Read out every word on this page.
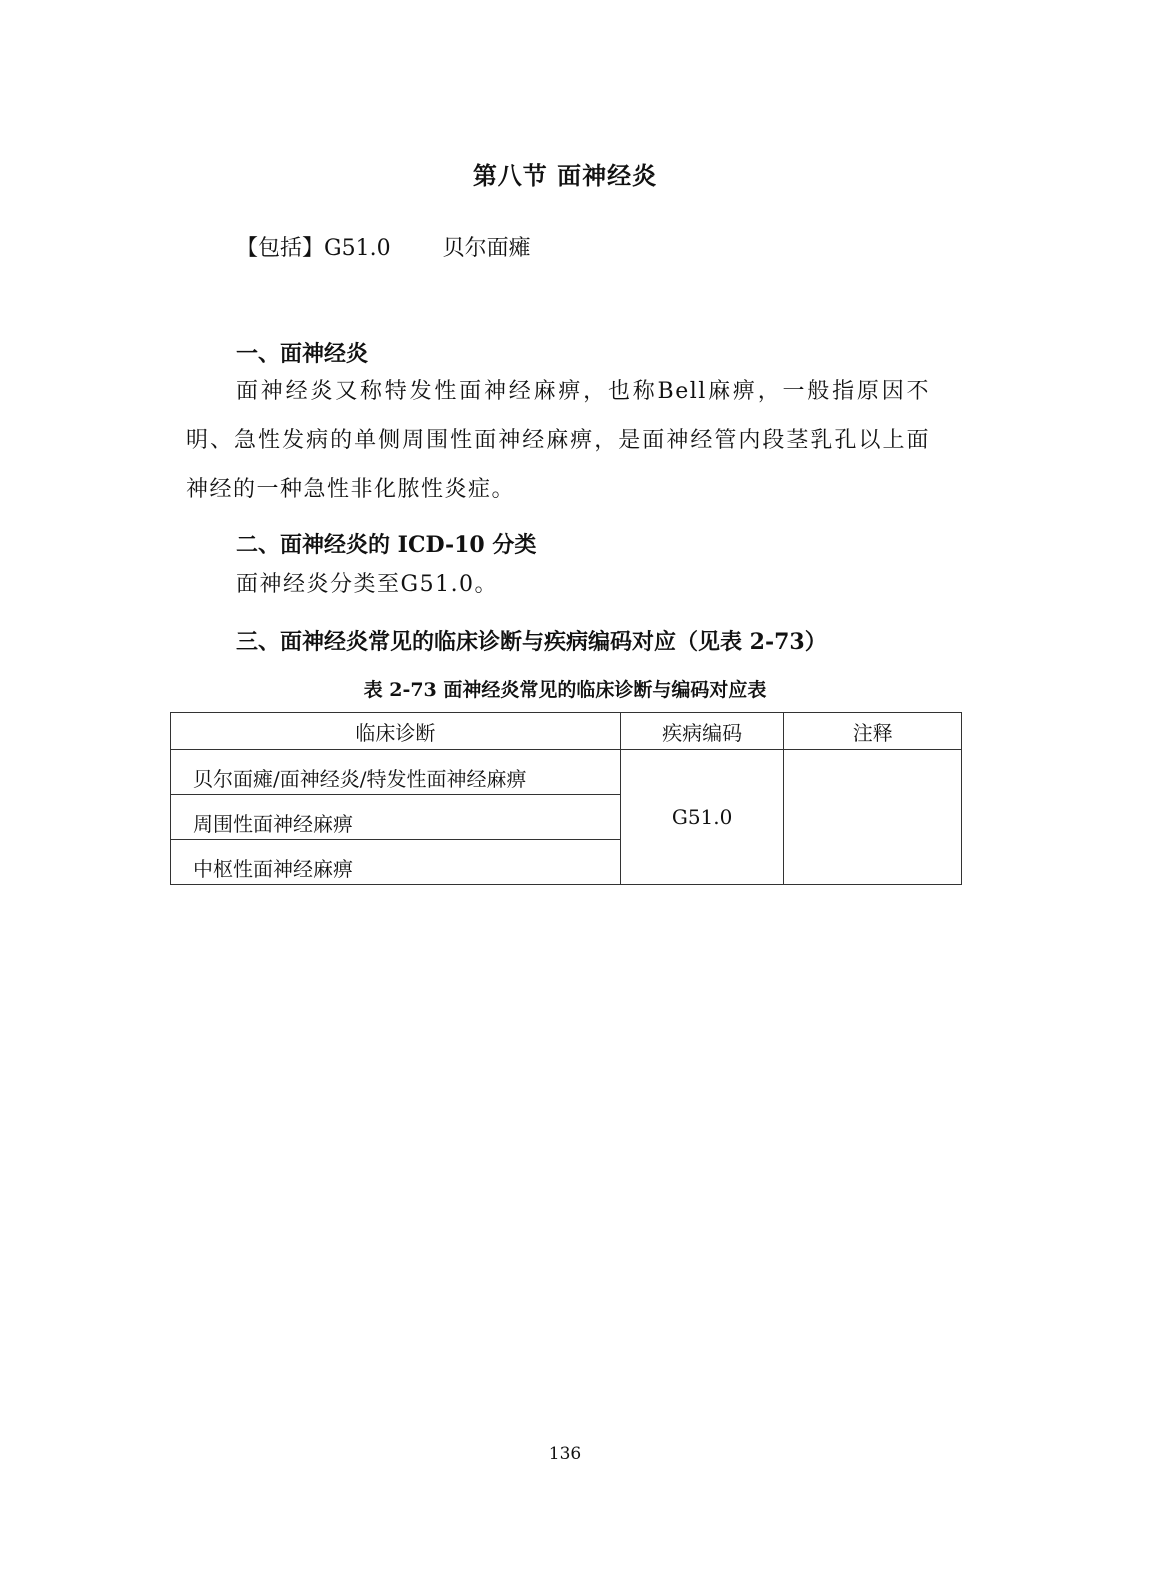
第八节 面神经炎
【包括】G51.0 贝尔面瘫
一、面神经炎
面神经炎又称特发性面神经麻痹，也称Bell麻痹，一般指原因不明、急性发病的单侧周围性面神经麻痹，是面神经管内段茎乳孔以上面神经的一种急性非化脓性炎症。
二、面神经炎的 ICD-10 分类
面神经炎分类至G51.0。
三、面神经炎常见的临床诊断与疾病编码对应（见表 2-73）
表 2-73 面神经炎常见的临床诊断与编码对应表
临床诊断	疾病编码	注释
贝尔面瘫/面神经炎/特发性面神经麻痹	G51.0	
周围性面神经麻痹		
中枢性面神经麻痹		
136
